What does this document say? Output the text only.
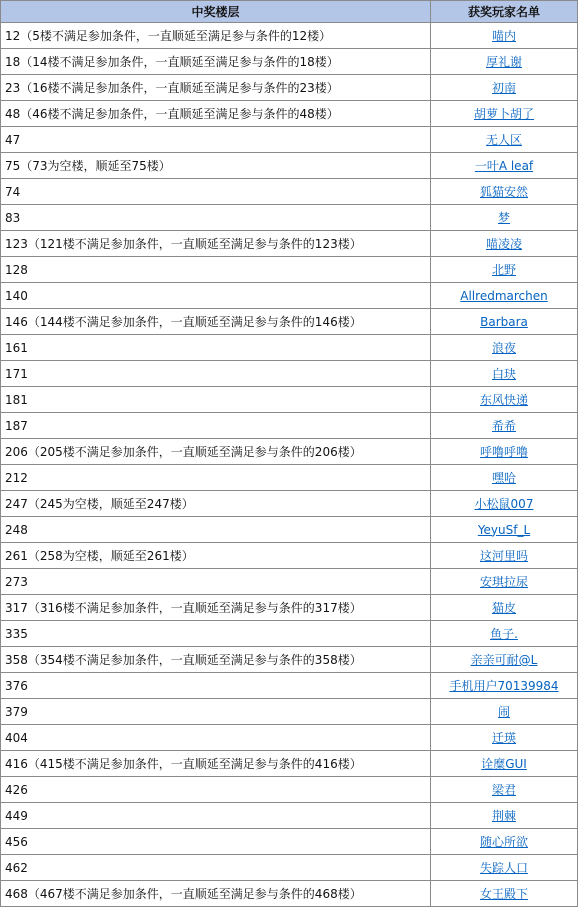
中奖楼层	获奖玩家名单
12（5楼不满足参加条件，一直顺延至满足参与条件的12楼）	喵内
18（14楼不满足参加条件，一直顺延至满足参与条件的18楼）	厚礼谢
23（16楼不满足参加条件，一直顺延至满足参与条件的23楼）	初南
48（46楼不满足参加条件，一直顺延至满足参与条件的48楼）	胡萝卜胡了
47	无人区
75（73为空楼，顺延至75楼）	一叶A leaf
74	狐猫安然
83	梦
123（121楼不满足参加条件，一直顺延至满足参与条件的123楼）	喵凌凌
128	北野
140	Allredmarchen
146（144楼不满足参加条件，一直顺延至满足参与条件的146楼）	Barbara
161	浪夜
171	白玦
181	东风快递
187	希希
206（205楼不满足参加条件，一直顺延至满足参与条件的206楼）	呼噜呼噜
212	嘿哈
247（245为空楼，顺延至247楼）	小松鼠007
248	YeyuSf_L
261（258为空楼，顺延至261楼）	这河里吗
273	安琪拉尿
317（316楼不满足参加条件，一直顺延至满足参与条件的317楼）	猫皮
335	鱼子.
358（354楼不满足参加条件，一直顺延至满足参与条件的358楼）	亲亲可耐@L
376	手机用户70139984
379	闹
404	迁瑛
416（415楼不满足参加条件，一直顺延至满足参与条件的416楼）	诠糜GUI
426	梁君
449	荆棘
456	随心所欲
462	失踪人口
468（467楼不满足参加条件，一直顺延至满足参与条件的468楼）	女王殿下
